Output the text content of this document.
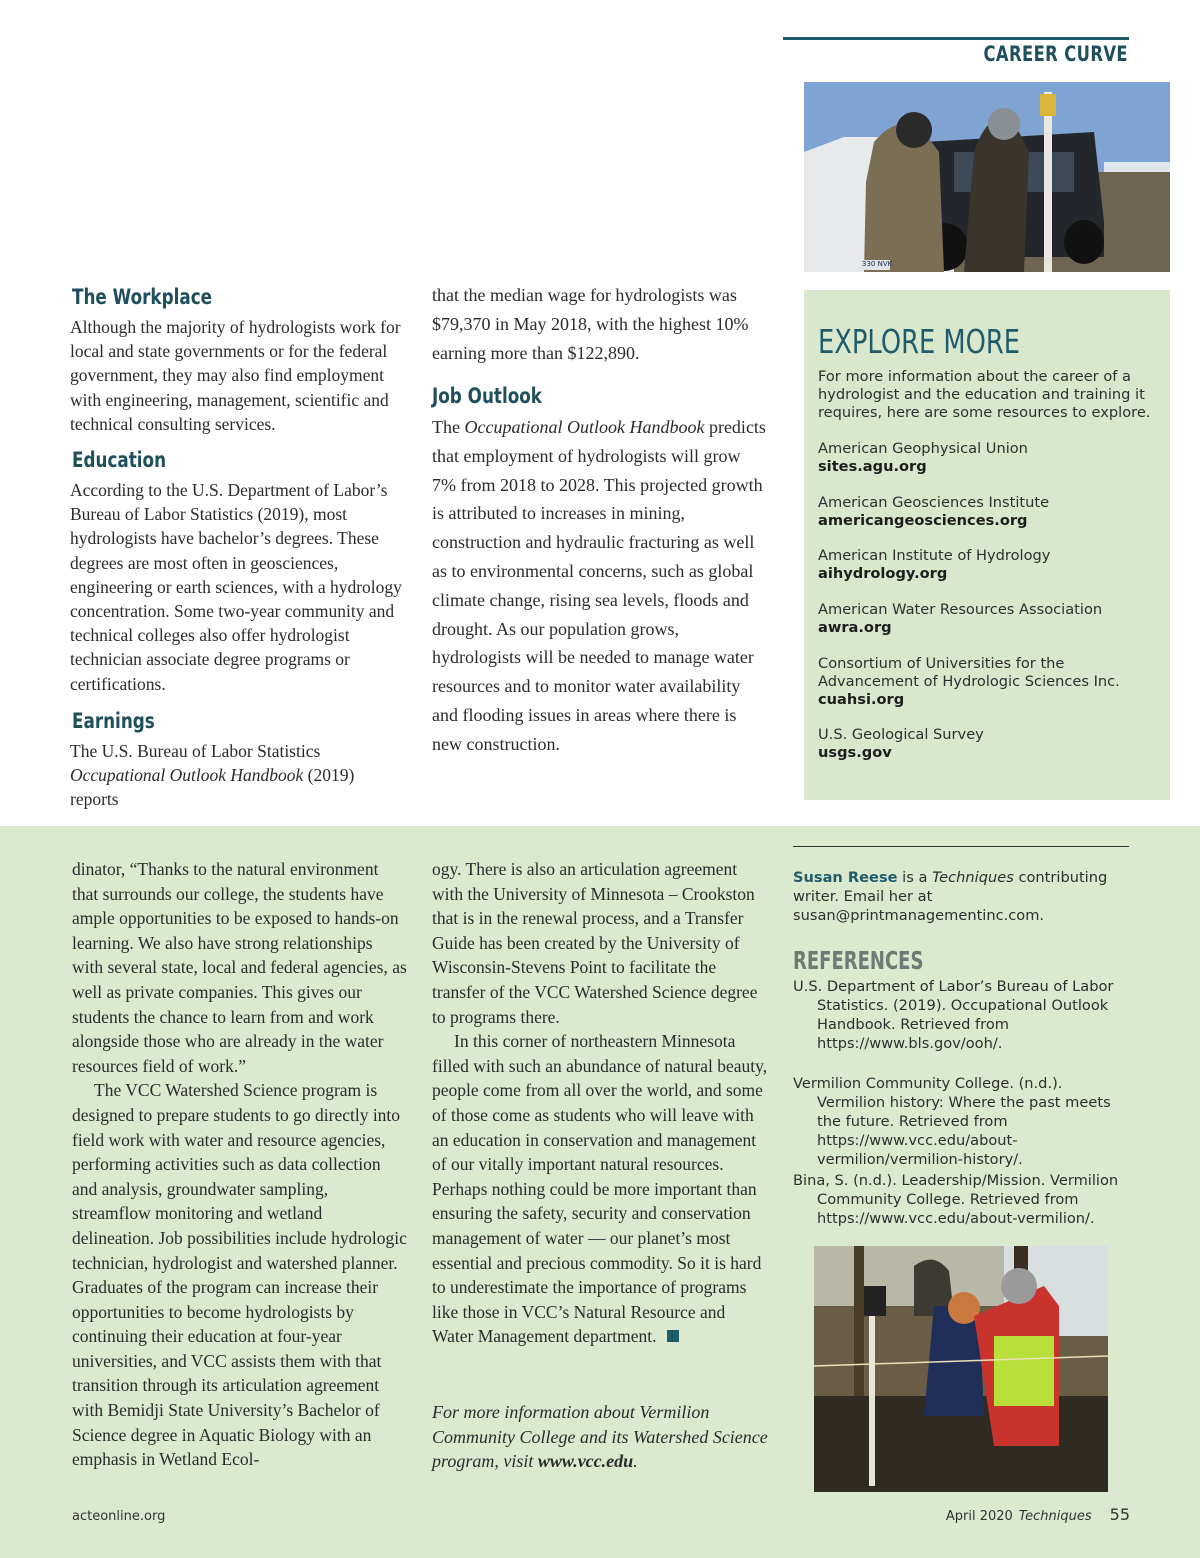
CAREER CURVE
330 NVK
The Workplace

Although the majority of hydrologists work for local and state governments or for the federal government, they may also find employment with engineering, management, scientific and technical consulting services.

Education

According to the U.S. Department of Labor’s Bureau of Labor Statistics (2019), most hydrologists have bachelor’s degrees. These degrees are most often in geosciences, engineering or earth sciences, with a hydrology concentration. Some two-year community and technical colleges also offer hydrologist technician associate degree programs or certifications.

Earnings

The U.S. Bureau of Labor Statistics Occupational Outlook Handbook (2019) reports

that the median wage for hydrologists was $79,370 in May 2018, with the highest 10% earning more than $122,890.

Job Outlook

The Occupational Outlook Handbook predicts that employment of hydrologists will grow 7% from 2018 to 2028. This projected growth is attributed to increases in mining, construction and hydraulic fracturing as well as to environmental concerns, such as global climate change, rising sea levels, floods and drought. As our population grows, hydrologists will be needed to manage water resources and to monitor water availability and flooding issues in areas where there is new construction.

EXPLORE MORE
For more information about the career of a hydrologist and the education and training it requires, here are some resources to explore.
American Geophysical Union
sites.agu.org
American Geosciences Institute
americangeosciences.org
American Institute of Hydrology
aihydrology.org
American Water Resources Association
awra.org
Consortium of Universities for the Advancement of Hydrologic Sciences Inc.
cuahsi.org
U.S. Geological Survey
usgs.gov

dinator, “Thanks to the natural environment that surrounds our college, the students have ample opportunities to be exposed to hands-on learning. We also have strong relationships with several state, local and federal agencies, as well as private companies. This gives our students the chance to learn from and work alongside those who are already in the water resources field of work.”

The VCC Watershed Science program is designed to prepare students to go directly into field work with water and resource agencies, performing activities such as data collection and analysis, groundwater sampling, streamflow monitoring and wetland delineation. Job possibilities include hydrologic technician, hydrologist and watershed planner. Graduates of the program can increase their opportunities to become hydrologists by continuing their education at four-year universities, and VCC assists them with that transition through its articulation agreement with Bemidji State University’s Bachelor of Science degree in Aquatic Biology with an emphasis in Wetland Ecol-

ogy. There is also an articulation agreement with the University of Minnesota – Crookston that is in the renewal process, and a Transfer Guide has been created by the University of Wisconsin-Stevens Point to facilitate the transfer of the VCC Watershed Science degree to programs there.

In this corner of northeastern Minnesota filled with such an abundance of natural beauty, people come from all over the world, and some of those come as students who will leave with an education in conservation and management of our vitally important natural resources. Perhaps nothing could be more important than ensuring the safety, security and conservation management of water — our planet’s most essential and precious commodity. So it is hard to underestimate the importance of programs like those in VCC’s Natural Resource and Water Management department.

For more information about Vermilion Community College and its Watershed Science program, visit www.vcc.edu.
Susan Reese is a Techniques contributing writer. Email her at susan@printmanagementinc.com.
REFERENCES
U.S. Department of Labor’s Bureau of Labor Statistics. (2019). Occupational Outlook Handbook. Retrieved from https://www.bls.gov/ooh/.
Vermilion Community College. (n.d.). Vermilion history: Where the past meets the future. Retrieved from https://www.vcc.edu/about-vermilion/vermilion-history/.
Bina, S. (n.d.). Leadership/Mission. Vermilion Community College. Retrieved from https://www.vcc.edu/about-vermilion/.
acteonline.org	April 2020 Techniques 55
